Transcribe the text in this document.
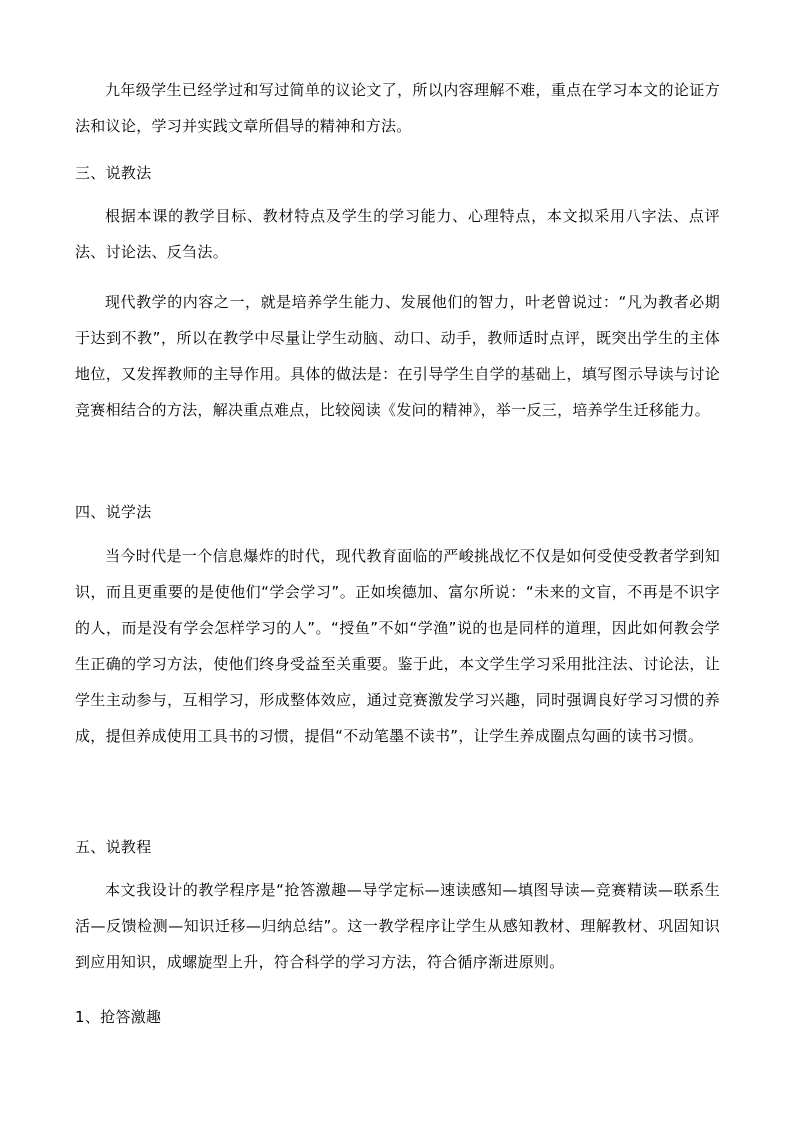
九年级学生已经学过和写过简单的议论文了，所以内容理解不难，重点在学习本文的论证方法和议论，学习并实践文章所倡导的精神和方法。

三、说教法

根据本课的教学目标、教材特点及学生的学习能力、心理特点，本文拟采用八字法、点评法、讨论法、反刍法。

现代教学的内容之一，就是培养学生能力、发展他们的智力，叶老曾说过：“凡为教者必期于达到不教”，所以在教学中尽量让学生动脑、动口、动手，教师适时点评，既突出学生的主体地位，又发挥教师的主导作用。具体的做法是：在引导学生自学的基础上，填写图示导读与讨论竞赛相结合的方法，解决重点难点，比较阅读《发问的精神》，举一反三，培养学生迁移能力。

四、说学法

当今时代是一个信息爆炸的时代，现代教育面临的严峻挑战忆不仅是如何受使受教者学到知识，而且更重要的是使他们“学会学习”。正如埃德加、富尔所说：“未来的文盲，不再是不识字的人，而是没有学会怎样学习的人”。“授鱼”不如“学渔”说的也是同样的道理，因此如何教会学生正确的学习方法，使他们终身受益至关重要。鉴于此，本文学生学习采用批注法、讨论法，让学生主动参与，互相学习，形成整体效应，通过竞赛激发学习兴趣，同时强调良好学习习惯的养成，提但养成使用工具书的习惯，提倡“不动笔墨不读书”，让学生养成圈点勾画的读书习惯。

五、说教程

本文我设计的教学程序是“抢答激趣—导学定标—速读感知—填图导读—竞赛精读—联系生活—反馈检测—知识迁移—归纳总结”。这一教学程序让学生从感知教材、理解教材、巩固知识到应用知识，成螺旋型上升，符合科学的学习方法，符合循序渐进原则。

1、抢答激趣
